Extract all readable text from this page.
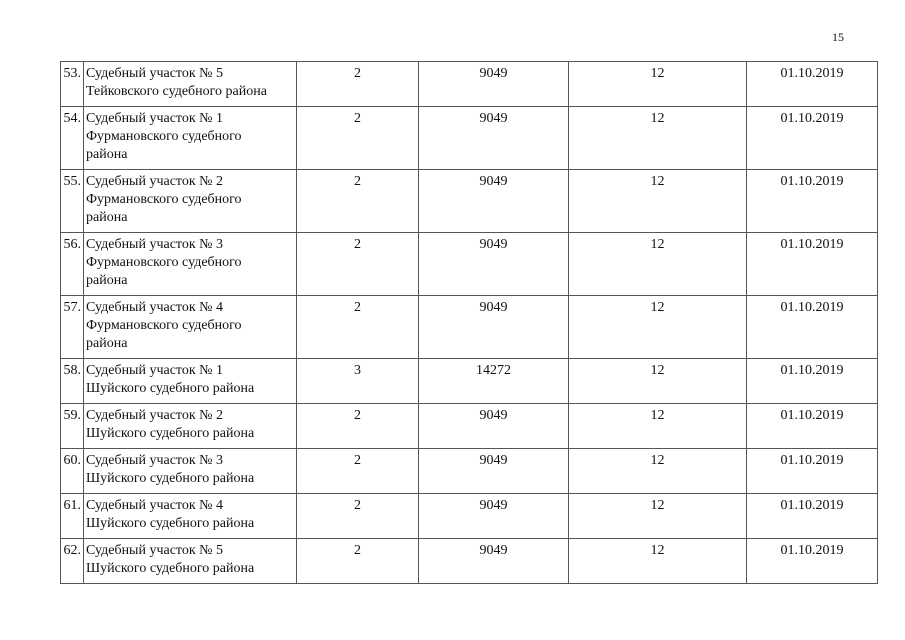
15
53.	Судебный участок № 5
Тейковского судебного района	2	9049	12	01.10.2019
54.	Судебный участок № 1
Фурмановского судебного
района	2	9049	12	01.10.2019
55.	Судебный участок № 2
Фурмановского судебного
района	2	9049	12	01.10.2019
56.	Судебный участок № 3
Фурмановского судебного
района	2	9049	12	01.10.2019
57.	Судебный участок № 4
Фурмановского судебного
района	2	9049	12	01.10.2019
58.	Судебный участок № 1
Шуйского судебного района	3	14272	12	01.10.2019
59.	Судебный участок № 2
Шуйского судебного района	2	9049	12	01.10.2019
60.	Судебный участок № 3
Шуйского судебного района	2	9049	12	01.10.2019
61.	Судебный участок № 4
Шуйского судебного района	2	9049	12	01.10.2019
62.	Судебный участок № 5
Шуйского судебного района	2	9049	12	01.10.2019
